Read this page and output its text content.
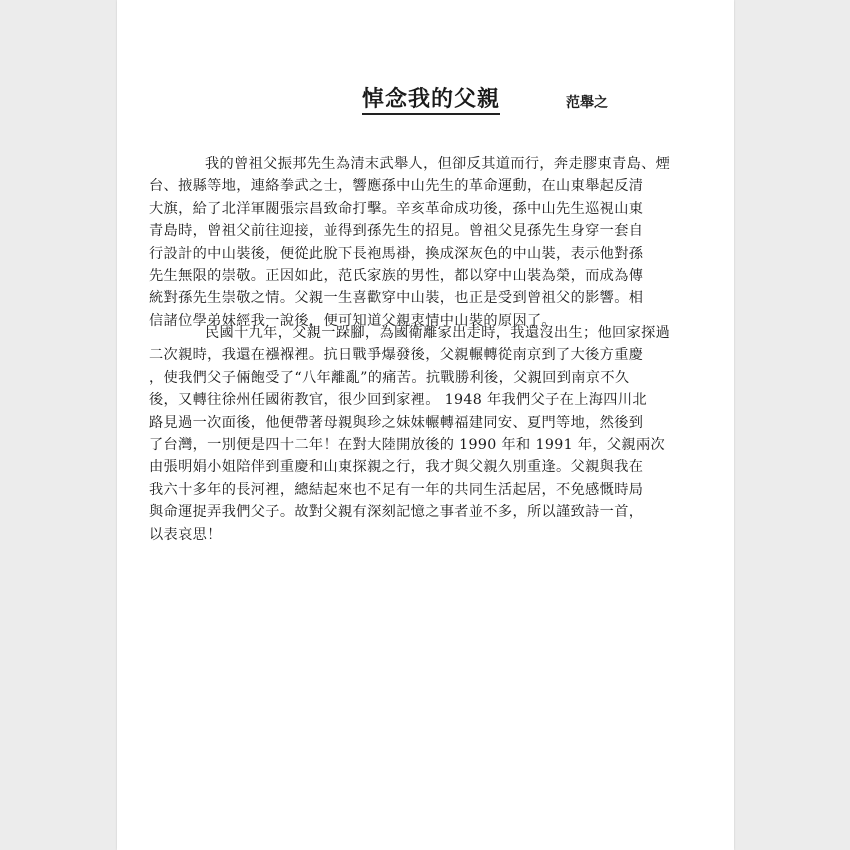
悼念我的父親	范舉之
我的曾祖父振邦先生為清末武舉人，但卻反其道而行，奔走膠東青島、煙
台、掖縣等地，連絡拳武之士，響應孫中山先生的革命運動，在山東舉起反清
大旗，給了北洋軍閥張宗昌致命打擊。辛亥革命成功後，孫中山先生巡視山東
青島時，曾祖父前往迎接，並得到孫先生的招見。曾祖父見孫先生身穿一套自
行設計的中山裝後，便從此脫下長袍馬褂，換成深灰色的中山裝，表示他對孫
先生無限的崇敬。正因如此，范氏家族的男性，都以穿中山裝為榮，而成為傳
統對孫先生崇敬之情。父親一生喜歡穿中山裝，也正是受到曾祖父的影響。相
信諸位學弟妹經我一說後，便可知道父親衷情中山裝的原因了。
民國十九年，父親一跺腳，為國衛離家出走時，我還沒出生；他回家探過
二次親時，我還在襁褓裡。抗日戰爭爆發後，父親輾轉從南京到了大後方重慶
，使我們父子倆飽受了“八年離亂”的痛苦。抗戰勝利後，父親回到南京不久
後，又轉往徐州任國術教官，很少回到家裡。 1948 年我們父子在上海四川北
路見過一次面後，他便帶著母親與珍之妹妹輾轉福建同安、夏門等地，然後到
了台灣，一別便是四十二年！在對大陸開放後的 1990 年和 1991 年，父親兩次
由張明娟小姐陪伴到重慶和山東探親之行，我才與父親久別重逢。父親與我在
我六十多年的長河裡，總結起來也不足有一年的共同生活起居，不免感慨時局
與命運捉弄我們父子。故對父親有深刻記憶之事者並不多，所以謹致詩一首，
以表哀思！
